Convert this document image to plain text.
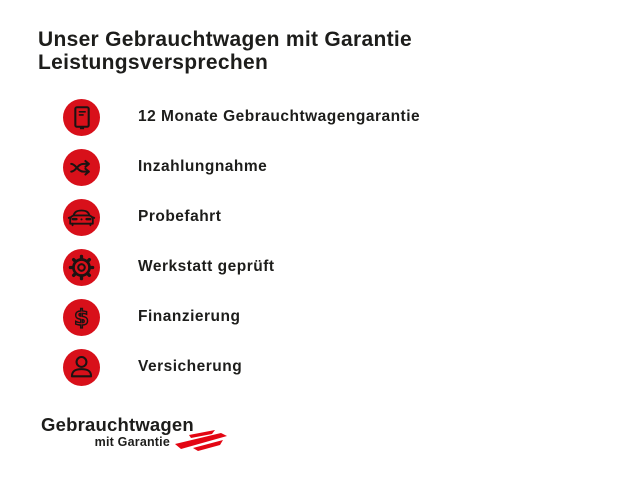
Unser Gebrauchtwagen mit Garantie
Leistungsversprechen
12 Monate Gebrauchtwagengarantie
Inzahlungnahme
Probefahrt
Werkstatt geprüft
$	Finanzierung
Versicherung
Gebrauchtwagen
mit Garantie
